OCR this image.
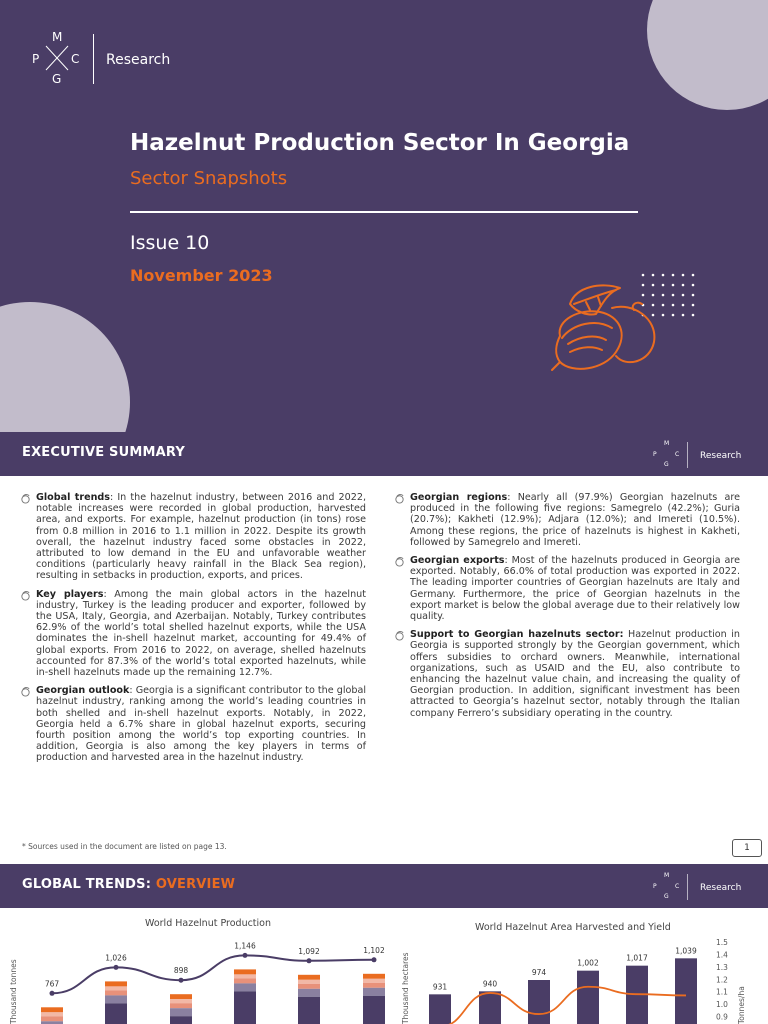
M
P	C
G
Research
Hazelnut Production Sector In Georgia
Sector Snapshots
Issue 10
November 2023
EXECUTIVE SUMMARY
M
P	C
G
Research
Global trends: In the hazelnut industry, between 2016 and 2022, notable increases were recorded in global production, harvested area, and exports. For example, hazelnut production (in tons) rose from 0.8 million in 2016 to 1.1 million in 2022. Despite its growth overall, the hazelnut industry faced some obstacles in 2022, attributed to low demand in the EU and unfavorable weather conditions (particularly heavy rainfall in the Black Sea region), resulting in setbacks in production, exports, and prices.
Key players: Among the main global actors in the hazelnut industry, Turkey is the leading producer and exporter, followed by the USA, Italy, Georgia, and Azerbaijan. Notably, Turkey contributes 62.9% of the world’s total shelled hazelnut exports, while the USA dominates the in-shell hazelnut market, accounting for 49.4% of global exports. From 2016 to 2022, on average, shelled hazelnuts accounted for 87.3% of the world’s total exported hazelnuts, while in-shell hazelnuts made up the remaining 12.7%.
Georgian outlook: Georgia is a significant contributor to the global hazelnut industry, ranking among the world’s leading countries in both shelled and in-shell hazelnut exports. Notably, in 2022, Georgia held a 6.7% share in global hazelnut exports, securing fourth position among the world’s top exporting countries. In addition, Georgia is also among the key players in terms of production and harvested area in the hazelnut industry.
Georgian regions: Nearly all (97.9%) Georgian hazelnuts are produced in the following five regions: Samegrelo (42.2%); Guria (20.7%); Kakheti (12.9%); Adjara (12.0%); and Imereti (10.5%). Among these regions, the price of hazelnuts is highest in Kakheti, followed by Samegrelo and Imereti.
Georgian exports: Most of the hazelnuts produced in Georgia are exported. Notably, 66.0% of total production was exported in 2022. The leading importer countries of Georgian hazelnuts are Italy and Germany. Furthermore, the price of Georgian hazelnuts in the export market is below the global average due to their relatively low quality.
Support to Georgian hazelnuts sector: Hazelnut production in Georgia is supported strongly by the Georgian government, which offers subsidies to orchard owners. Meanwhile, international organizations, such as USAID and the EU, also contribute to enhancing the hazelnut value chain, and increasing the quality of Georgian production. In addition, significant investment has been attracted to Georgia’s hazelnut sector, notably through the Italian company Ferrero’s subsidiary operating in the country.
* Sources used in the document are listed on page 13.	1
GLOBAL TRENDS: OVERVIEW
M
P	C
G
Research
World Hazelnut Production
Thousand tonnes	767
1,026
898
1,146
1,092	1,102
World Hazelnut Area Harvested and Yield
Thousand hectares	931	940
974
1,002
1,017
1,039
1.5
1.4
1.3
1.2
1.1
1.0
0.9 Tonnes/ha
